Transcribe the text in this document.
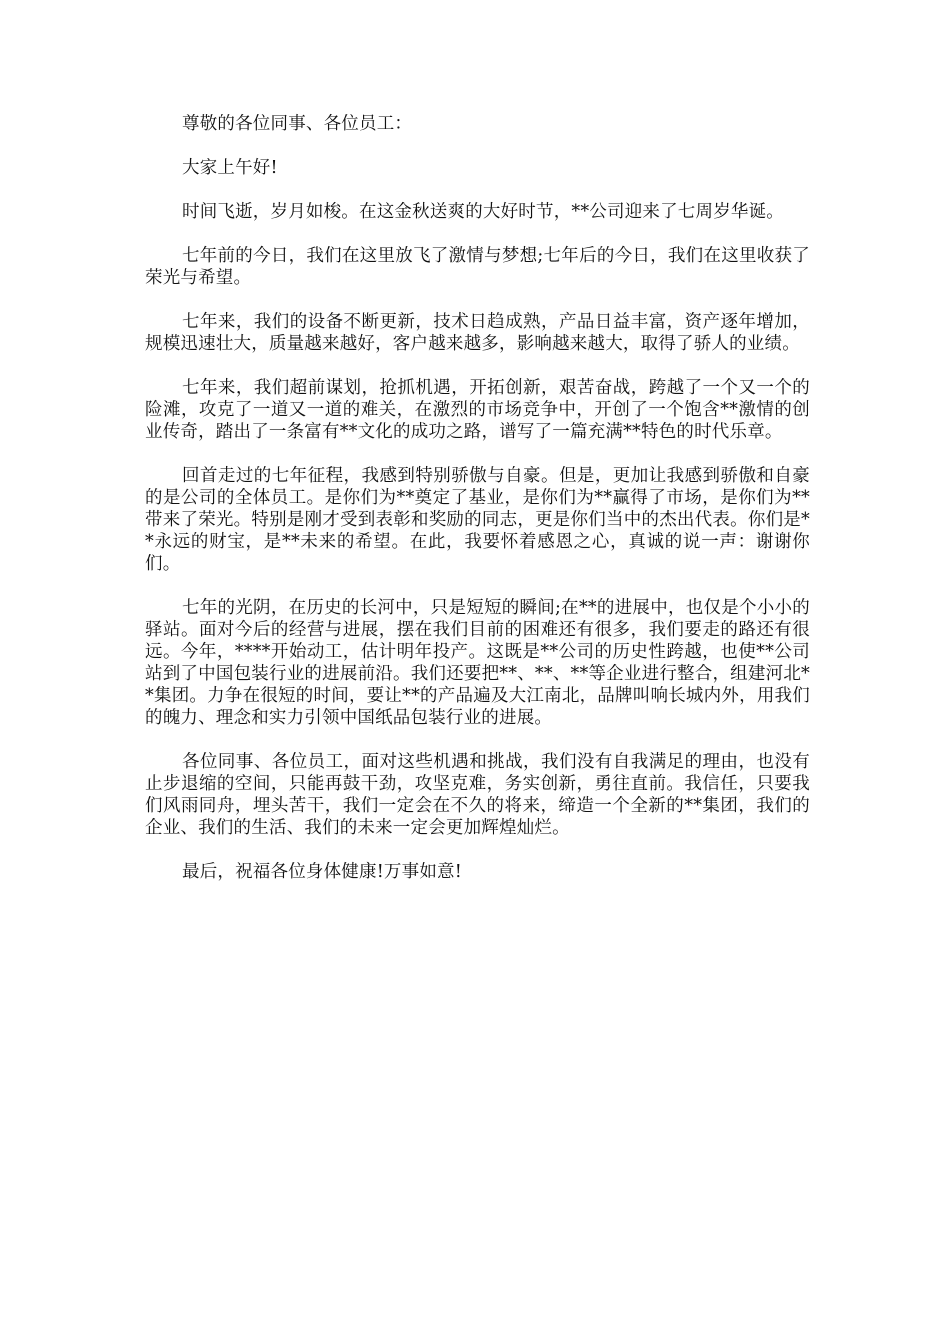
尊敬的各位同事、各位员工：

大家上午好!

时间飞逝，岁月如梭。在这金秋送爽的大好时节，**公司迎来了七周岁华诞。

七年前的今日，我们在这里放飞了激情与梦想;七年后的今日，我们在这里收获了荣光与希望。

七年来，我们的设备不断更新，技术日趋成熟，产品日益丰富，资产逐年增加，规模迅速壮大，质量越来越好，客户越来越多，影响越来越大，取得了骄人的业绩。

七年来，我们超前谋划，抢抓机遇，开拓创新，艰苦奋战，跨越了一个又一个的险滩，攻克了一道又一道的难关，在激烈的市场竞争中，开创了一个饱含**激情的创业传奇，踏出了一条富有**文化的成功之路，谱写了一篇充满**特色的时代乐章。

回首走过的七年征程，我感到特别骄傲与自豪。但是，更加让我感到骄傲和自豪的是公司的全体员工。是你们为**奠定了基业，是你们为**赢得了市场，是你们为**带来了荣光。特别是刚才受到表彰和奖励的同志，更是你们当中的杰出代表。你们是**永远的财宝，是**未来的希望。在此，我要怀着感恩之心，真诚的说一声：谢谢你们。

七年的光阴，在历史的长河中，只是短短的瞬间;在**的进展中，也仅是个小小的驿站。面对今后的经营与进展，摆在我们目前的困难还有很多，我们要走的路还有很远。今年，****开始动工，估计明年投产。这既是**公司的历史性跨越，也使**公司站到了中国包装行业的进展前沿。我们还要把**、**、**等企业进行整合，组建河北**集团。力争在很短的时间，要让**的产品遍及大江南北，品牌叫响长城内外，用我们的魄力、理念和实力引领中国纸品包装行业的进展。

各位同事、各位员工，面对这些机遇和挑战，我们没有自我满足的理由，也没有止步退缩的空间，只能再鼓干劲，攻坚克难，务实创新，勇往直前。我信任，只要我们风雨同舟，埋头苦干，我们一定会在不久的将来，缔造一个全新的**集团，我们的企业、我们的生活、我们的未来一定会更加辉煌灿烂。

最后，祝福各位身体健康!万事如意!
